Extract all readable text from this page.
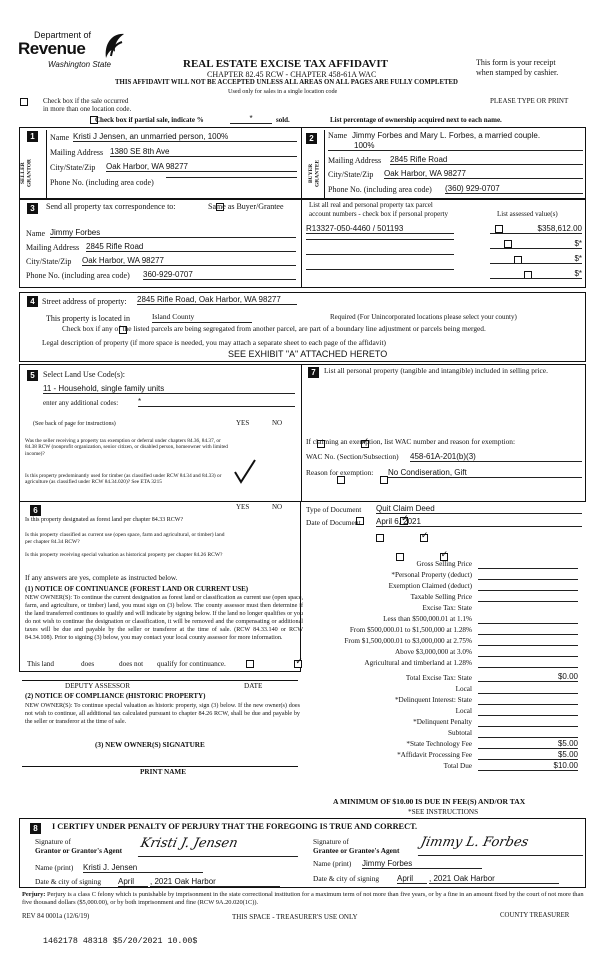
Department of
Revenue
Washington State	REAL ESTATE EXCISE TAX AFFIDAVIT
CHAPTER 82.45 RCW - CHAPTER 458-61A WAC
THIS AFFIDAVIT WILL NOT BE ACCEPTED UNLESS ALL AREAS ON ALL PAGES ARE FULLY COMPLETED
Used only for sales in a single location code
This form is your receipt
when stamped by cashier.
PLEASE TYPE OR PRINT

Check box if the sale occurred
in more than one location code.

Check box if partial sale, indicate %	*	sold.	List percentage of ownership acquired next to each name.
1
SELLER GRANTOR
Name Kristi J Jensen, an unmarried person, 100%
Mailing Address 1380 SE 8th Ave
City/State/Zip Oak Harbor, WA 98277
Phone No. (including area code)
2
BUYER GRANTEE
Name Jimmy Forbes and Mary L. Forbes, a married couple.
100%
Mailing Address 2845 Rifle Road
City/State/Zip Oak Harbor, WA 98277
Phone No. (including area code) (360) 929-0707
3	Send all property tax correspondence to:
	Same as Buyer/Grantee
Name Jimmy Forbes
Mailing Address 2845 Rifle Road
City/State/Zip Oak Harbor, WA 98277
Phone No. (including area code) 360-929-0707
List all real and personal property tax parcel
account numbers - check box if personal property	List assessed value(s)
R13327-050-4460 / 501193
	$358,612.00

$*

$*

$*
4 Street address of property: 2845 Rifle Road, Oak Harbor, WA 98277
This property is located in	Island County	Required (For Unincorporated locations please select your county)

Check box if any of the listed parcels are being segregated from another parcel, are part of a boundary line adjustment or parcels being merged.
Legal description of property (if more space is needed, you may attach a separate sheet to each page of the affidavit)
SEE EXHIBIT "A" ATTACHED HERETO
5	Select Land Use Code(s):
11 - Household, single family units
enter any additional codes: *
(See back of page for instructions)	YES	NO
Was the seller receiving a property tax exemption or deferral under chapters 84.36, 84.37, or 84.38 RCW (nonprofit organization, senior citizen, or disabled person, homeowner with limited income)?
✓
Is this property predominantly used for timber (as classified under RCW 84.34 and 84.33) or agriculture (as classified under RCW 84.34.020)? See ETA 3215

7	List all personal property (tangible and intangible) included in selling price.
If claiming an exemption, list WAC number and reason for exemption:
WAC No. (Section/Subsection) 458-61A-201(b)(3)
Reason for exemption: No Condiseration, Gift
6	YES	NO
Is this property designated as forest land per chapter 84.33 RCW?
✓
Is this property classified as current use (open space, farm and agricultural, or timber) land per chapter 84.34 RCW?
✓
Is this property receiving special valuation as historical property per chapter 84.26 RCW?
✓
If any answers are yes, complete as instructed below.
(1) NOTICE OF CONTINUANCE (FOREST LAND OR CURRENT USE)
NEW OWNER(S): To continue the current designation as forest land or classification as current use (open space, farm, and agriculture, or timber) land, you must sign on (3) below. The county assessor must then determine if the land transferred continues to qualify and will indicate by signing below. If the land no longer qualifies or you do not wish to continue the designation or classification, it will be removed and the compensating or additional taxes will be due and payable by the seller or transferor at the time of sale. (RCW 84.33.140 or RCW 84.34.108). Prior to signing (3) below, you may contact your local county assessor for more information.
This land
	does
✓	does not qualify for continuance.
DEPUTY ASSESSOR	DATE
(2) NOTICE OF COMPLIANCE (HISTORIC PROPERTY)
NEW OWNER(S): To continue special valuation as historic property, sign (3) below. If the new owner(s) does not wish to continue, all additional tax calculated pursuant to chapter 84.26 RCW, shall be due and payable by the seller or transferor at the time of sale.
(3) NEW OWNER(S) SIGNATURE
PRINT NAME
Type of Document Quit Claim Deed
Date of Document April 6, 2021
Gross Selling Price
*Personal Property (deduct)
Exemption Claimed (deduct)
Taxable Selling Price
Excise Tax: State
Less than $500,000.01 at 1.1%
From $500,000.01 to $1,500,000 at 1.28%
From $1,500,000.01 to $3,000,000 at 2.75%
Above $3,000,000 at 3.0%
Agricultural and timberland at 1.28%
Total Excise Tax: State	$0.00
Local
*Delinquent Interest: State
Local
*Delinquent Penalty
Subtotal
*State Technology Fee	$5.00
*Affidavit Processing Fee	$5.00
Total Due	$10.00
A MINIMUM OF $10.00 IS DUE IN FEE(S) AND/OR TAX
*SEE INSTRUCTIONS
8	I CERTIFY UNDER PENALTY OF PERJURY THAT THE FOREGOING IS TRUE AND CORRECT.
Signature of
Grantor or Grantor's Agent Kristi J. Jensen
Name (print) Kristi J. Jensen
Date & city of signing April	, 2021 Oak Harbor
Signature of
Grantee or Grantee's Agent
Jimmy L. Forbes
Name (print) Jimmy Forbes
Date & city of signing April	, 2021 Oak Harbor
Perjury: Perjury is a class C felony which is punishable by imprisonment in the state correctional institution for a maximum term of not more than five years, or by a fine in an amount fixed by the court of not more than five thousand dollars ($5,000.00), or by both imprisonment and fine (RCW 9A.20.020(1C)).
REV 84 0001a (12/6/19)	THIS SPACE - TREASURER'S USE ONLY	COUNTY TREASURER
1462178 48318 $5/20/2021 10.00$
